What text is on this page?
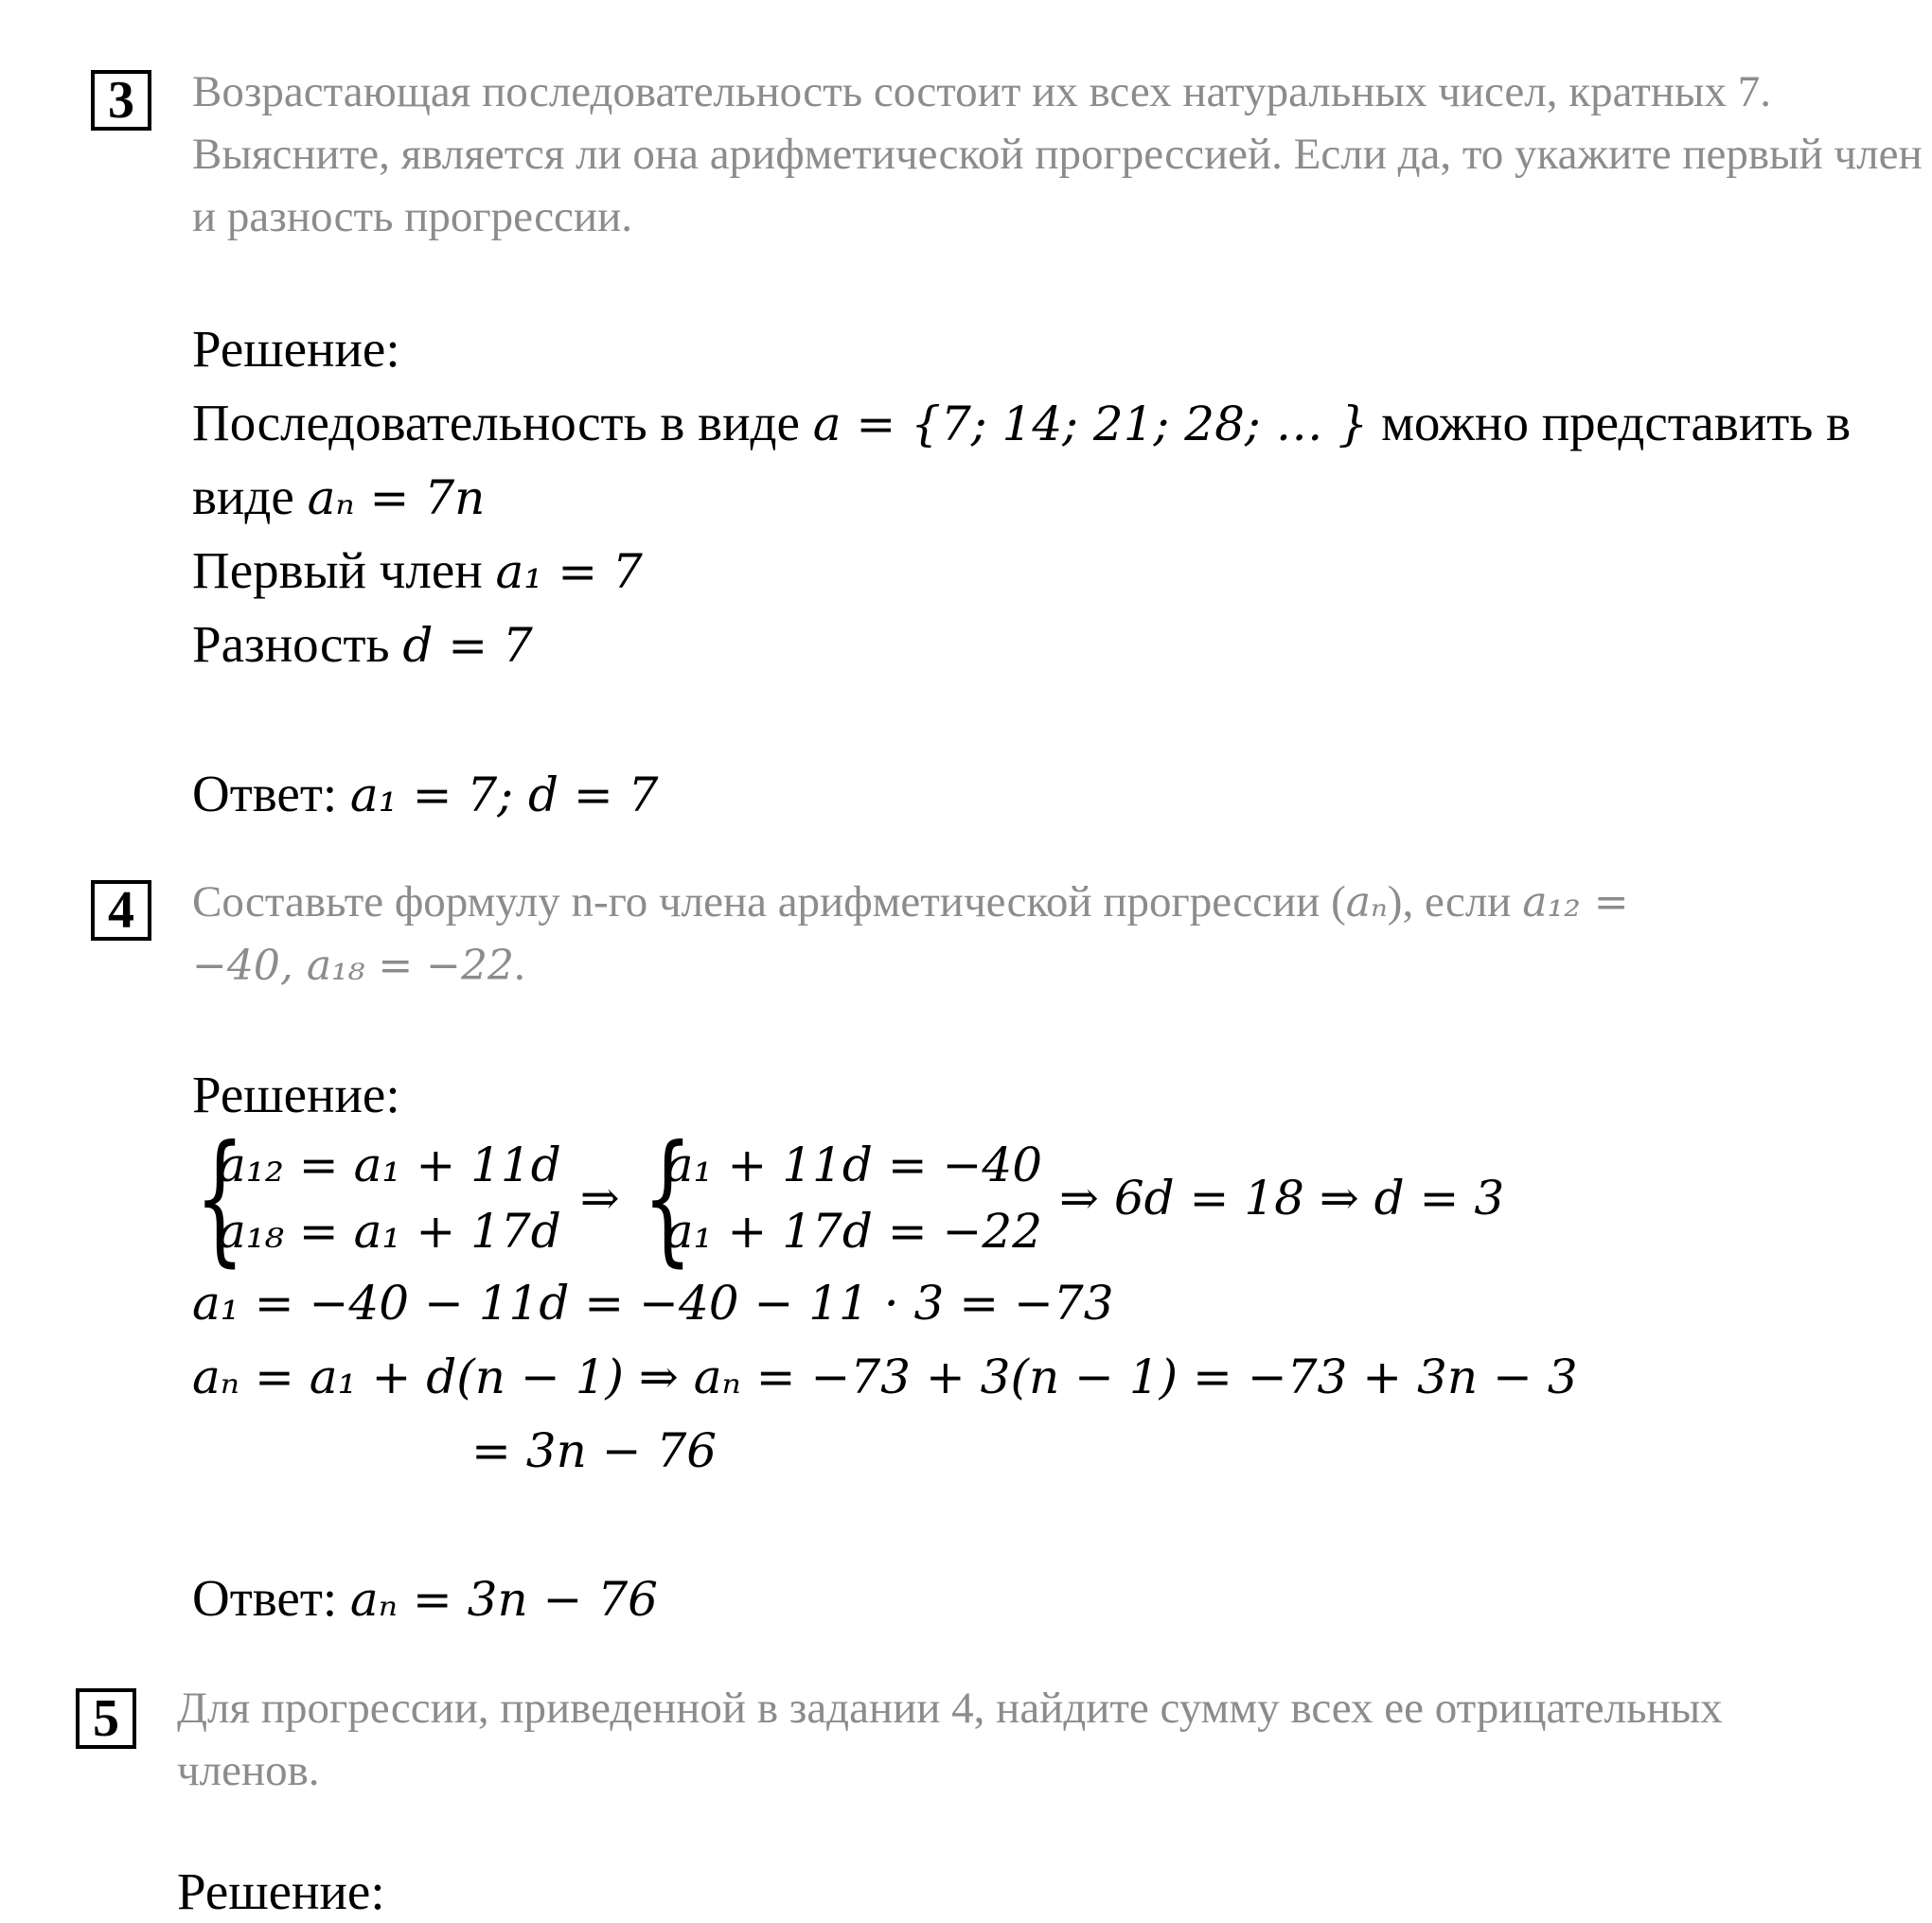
3	Возрастающая последовательность состоит их всех натуральных чисел, кратных 7. Выясните, является ли она арифметической прогрессией. Если да, то укажите первый член и разность прогрессии.
Решение:
Последовательность в виде a = {7; 14; 21; 28; … } можно представить в
виде aₙ = 7n
Первый член a₁ = 7
Разность d = 7
Ответ: a₁ = 7; d = 7
4	Составьте формулу n-го члена арифметической прогрессии (aₙ), если a₁₂ =
−40, a₁₈ = −22.
Решение:
{
a₁₂ = a₁ + 11d
a₁₈ = a₁ + 17d
⇒ {
a₁ + 11d = −40
a₁ + 17d = −22
⇒ 6d = 18 ⇒ d = 3
a₁ = −40 − 11d = −40 − 11 · 3 = −73
aₙ = a₁ + d(n − 1) ⇒ aₙ = −73 + 3(n − 1) = −73 + 3n − 3
= 3n − 76
Ответ: aₙ = 3n − 76
5	Для прогрессии, приведенной в задании 4, найдите сумму всех ее отрицательных членов.
Решение:
